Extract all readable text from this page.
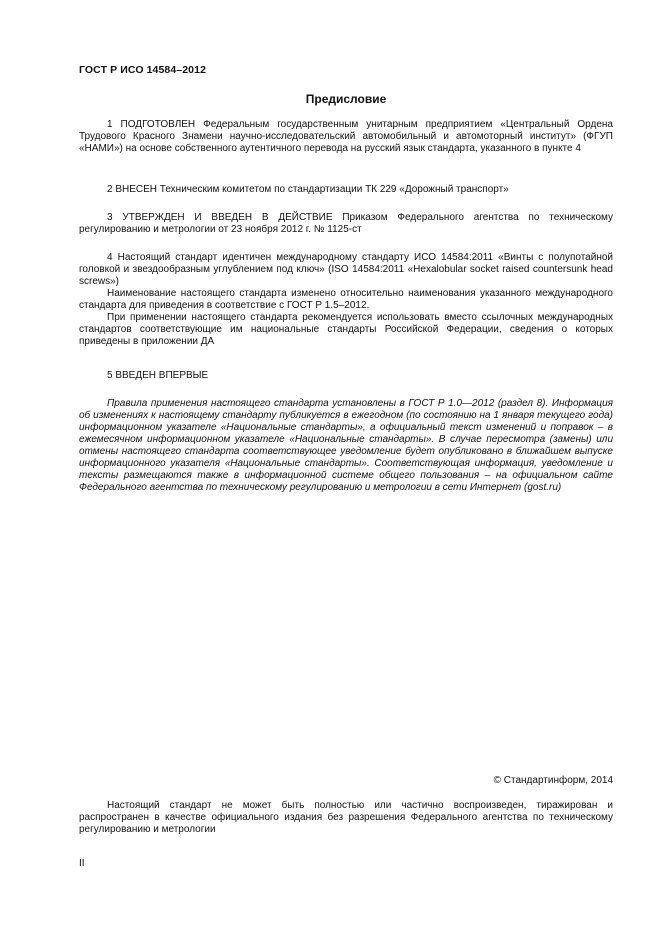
ГОСТ Р ИСО 14584–2012
Предисловие

1 ПОДГОТОВЛЕН Федеральным государственным унитарным предприятием «Центральный Ордена Трудового Красного Знамени научно-исследовательский автомобильный и автомоторный институт» (ФГУП «НАМИ») на основе собственного аутентичного перевода на русский язык стандарта, указанного в пункте 4

2 ВНЕСЕН Техническим комитетом по стандартизации ТК 229 «Дорожный транспорт»

3 УТВЕРЖДЕН И ВВЕДЕН В ДЕЙСТВИЕ Приказом Федерального агентства по техническому регулированию и метрологии от 23 ноября 2012 г. № 1125-ст

4 Настоящий стандарт идентичен международному стандарту ИСО 14584:2011 «Винты с полупотайной головкой и звездообразным углублением под ключ» (ISO 14584:2011 «Hexalobular socket raised countersunk head screws»)

Наименование настоящего стандарта изменено относительно наименования указанного международного стандарта для приведения в соответствие с ГОСТ Р 1.5–2012.

При применении настоящего стандарта рекомендуется использовать вместо ссылочных международных стандартов соответствующие им национальные стандарты Российской Федерации, сведения о которых приведены в приложении ДА

5 ВВЕДЕН ВПЕРВЫЕ

Правила применения настоящего стандарта установлены в ГОСТ Р 1.0—2012 (раздел 8). Информация об изменениях к настоящему стандарту публикуется в ежегодном (по состоянию на 1 января текущего года) информационном указателе «Национальные стандарты», а официальный текст изменений и поправок – в ежемесячном информационном указателе «Национальные стандарты». В случае пересмотра (замены) или отмены настоящего стандарта соответствующее уведомление будет опубликовано в ближайшем выпуске информационного указателя «Национальные стандарты». Соответствующая информация, уведомление и тексты размещаются также в информационной системе общего пользования – на официальном сайте Федерального агентства по техническому регулированию и метрологии в сети Интернет (gost.ru)

© Стандартинформ, 2014

Настоящий стандарт не может быть полностью или частично воспроизведен, тиражирован и распространен в качестве официального издания без разрешения Федерального агентства по техническому регулированию и метрологии

II
